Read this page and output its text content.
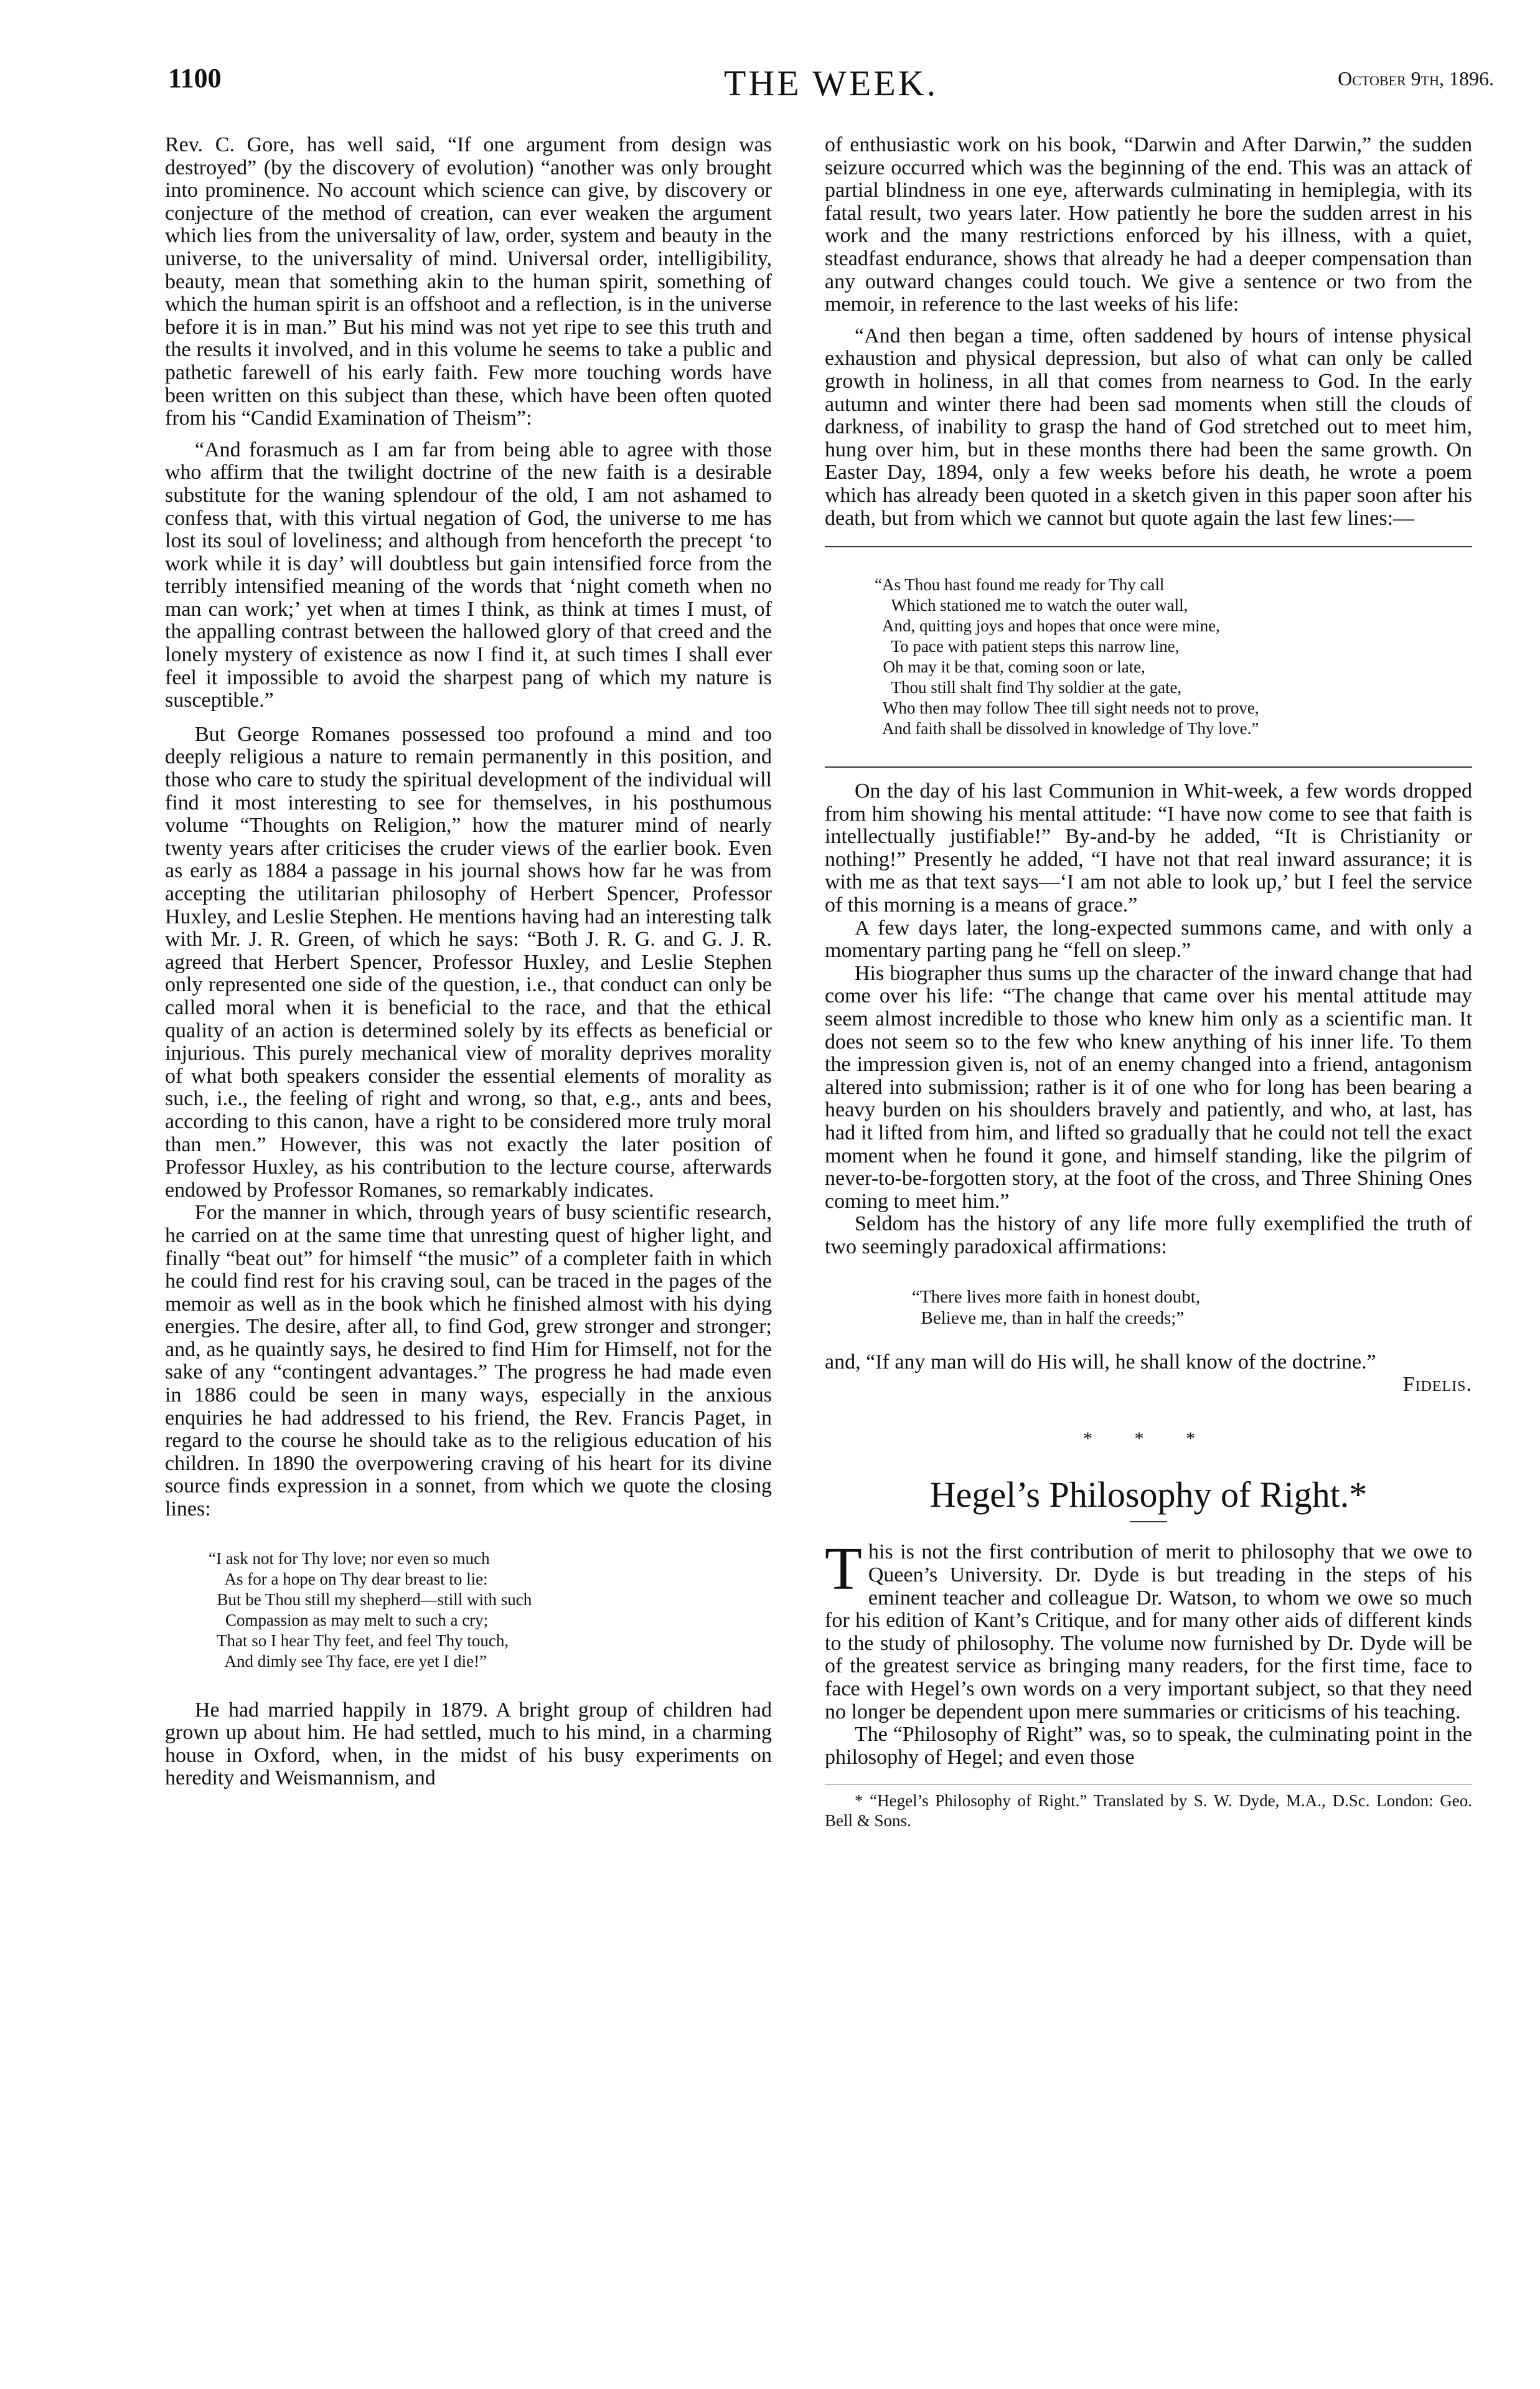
1100	THE WEEK.	October 9th, 1896.

Rev. C. Gore, has well said, “If one argument from design was destroyed” (by the discovery of evolution) “another was only brought into prominence. No account which science can give, by discovery or conjecture of the method of creation, can ever weaken the argument which lies from the universality of law, order, system and beauty in the universe, to the universality of mind. Universal order, intelligibility, beauty, mean that something akin to the human spirit, something of which the human spirit is an offshoot and a reflection, is in the universe before it is in man.” But his mind was not yet ripe to see this truth and the results it involved, and in this volume he seems to take a public and pathetic farewell of his early faith. Few more touching words have been written on this subject than these, which have been often quoted from his “Candid Examination of Theism”:

“And forasmuch as I am far from being able to agree with those who affirm that the twilight doctrine of the new faith is a desirable substitute for the waning splendour of the old, I am not ashamed to confess that, with this virtual negation of God, the universe to me has lost its soul of loveliness; and although from henceforth the precept ‘to work while it is day’ will doubtless but gain intensified force from the terribly intensified meaning of the words that ‘night cometh when no man can work;’ yet when at times I think, as think at times I must, of the appalling contrast between the hallowed glory of that creed and the lonely mystery of existence as now I find it, at such times I shall ever feel it impossible to avoid the sharpest pang of which my nature is susceptible.”

But George Romanes possessed too profound a mind and too deeply religious a nature to remain permanently in this position, and those who care to study the spiritual development of the individual will find it most interesting to see for themselves, in his posthumous volume “Thoughts on Religion,” how the maturer mind of nearly twenty years after criticises the cruder views of the earlier book. Even as early as 1884 a passage in his journal shows how far he was from accepting the utilitarian philosophy of Herbert Spencer, Professor Huxley, and Leslie Stephen. He mentions having had an interesting talk with Mr. J. R. Green, of which he says: “Both J. R. G. and G. J. R. agreed that Herbert Spencer, Professor Huxley, and Leslie Stephen only represented one side of the question, i.e., that conduct can only be called moral when it is beneficial to the race, and that the ethical quality of an action is determined solely by its effects as beneficial or injurious. This purely mechanical view of morality deprives morality of what both speakers consider the essential elements of morality as such, i.e., the feeling of right and wrong, so that, e.g., ants and bees, according to this canon, have a right to be considered more truly moral than men.” However, this was not exactly the later position of Professor Huxley, as his contribution to the lecture course, afterwards endowed by Professor Romanes, so remarkably indicates.

For the manner in which, through years of busy scientific research, he carried on at the same time that unresting quest of higher light, and finally “beat out” for himself “the music” of a completer faith in which he could find rest for his craving soul, can be traced in the pages of the memoir as well as in the book which he finished almost with his dying energies. The desire, after all, to find God, grew stronger and stronger; and, as he quaintly says, he desired to find Him for Himself, not for the sake of any “contingent advantages.” The progress he had made even in 1886 could be seen in many ways, especially in the anxious enquiries he had addressed to his friend, the Rev. Francis Paget, in regard to the course he should take as to the religious education of his children. In 1890 the overpowering craving of his heart for its divine source finds expression in a sonnet, from which we quote the closing lines:

“I ask not for Thy love; nor even so much
As for a hope on Thy dear breast to lie:
But be Thou still my shepherd—still with such
Compassion as may melt to such a cry;
That so I hear Thy feet, and feel Thy touch,
And dimly see Thy face, ere yet I die!”

He had married happily in 1879. A bright group of children had grown up about him. He had settled, much to his mind, in a charming house in Oxford, when, in the midst of his busy experiments on heredity and Weismannism, and

of enthusiastic work on his book, “Darwin and After Darwin,” the sudden seizure occurred which was the beginning of the end. This was an attack of partial blindness in one eye, afterwards culminating in hemiplegia, with its fatal result, two years later. How patiently he bore the sudden arrest in his work and the many restrictions enforced by his illness, with a quiet, steadfast endurance, shows that already he had a deeper compensation than any outward changes could touch. We give a sentence or two from the memoir, in reference to the last weeks of his life:

“And then began a time, often saddened by hours of intense physical exhaustion and physical depression, but also of what can only be called growth in holiness, in all that comes from nearness to God. In the early autumn and winter there had been sad moments when still the clouds of darkness, of inability to grasp the hand of God stretched out to meet him, hung over him, but in these months there had been the same growth. On Easter Day, 1894, only a few weeks before his death, he wrote a poem which has already been quoted in a sketch given in this paper soon after his death, but from which we cannot but quote again the last few lines:—

“As Thou hast found me ready for Thy call
Which stationed me to watch the outer wall,
And, quitting joys and hopes that once were mine,
To pace with patient steps this narrow line,
Oh may it be that, coming soon or late,
Thou still shalt find Thy soldier at the gate,
Who then may follow Thee till sight needs not to prove,
And faith shall be dissolved in knowledge of Thy love.”

On the day of his last Communion in Whit-week, a few words dropped from him showing his mental attitude: “I have now come to see that faith is intellectually justifiable!” By-and-by he added, “It is Christianity or nothing!” Presently he added, “I have not that real inward assurance; it is with me as that text says—‘I am not able to look up,’ but I feel the service of this morning is a means of grace.”

A few days later, the long-expected summons came, and with only a momentary parting pang he “fell on sleep.”

His biographer thus sums up the character of the inward change that had come over his life: “The change that came over his mental attitude may seem almost incredible to those who knew him only as a scientific man. It does not seem so to the few who knew anything of his inner life. To them the impression given is, not of an enemy changed into a friend, antagonism altered into submission; rather is it of one who for long has been bearing a heavy burden on his shoulders bravely and patiently, and who, at last, has had it lifted from him, and lifted so gradually that he could not tell the exact moment when he found it gone, and himself standing, like the pilgrim of never-to-be-forgotten story, at the foot of the cross, and Three Shining Ones coming to meet him.”

Seldom has the history of any life more fully exemplified the truth of two seemingly paradoxical affirmations:

“There lives more faith in honest doubt,
Believe me, than in half the creeds;”

and, “If any man will do His will, he shall know of the doctrine.”

Fidelis.
* * *
Hegel’s Philosophy of Right.*

This is not the first contribution of merit to philosophy that we owe to Queen’s University. Dr. Dyde is but treading in the steps of his eminent teacher and colleague Dr. Watson, to whom we owe so much for his edition of Kant’s Critique, and for many other aids of different kinds to the study of philosophy. The volume now furnished by Dr. Dyde will be of the greatest service as bringing many readers, for the first time, face to face with Hegel’s own words on a very important subject, so that they need no longer be dependent upon mere summaries or criticisms of his teaching.

The “Philosophy of Right” was, so to speak, the culminating point in the philosophy of Hegel; and even those

* “Hegel’s Philosophy of Right.” Translated by S. W. Dyde, M.A., D.Sc. London: Geo. Bell & Sons.
